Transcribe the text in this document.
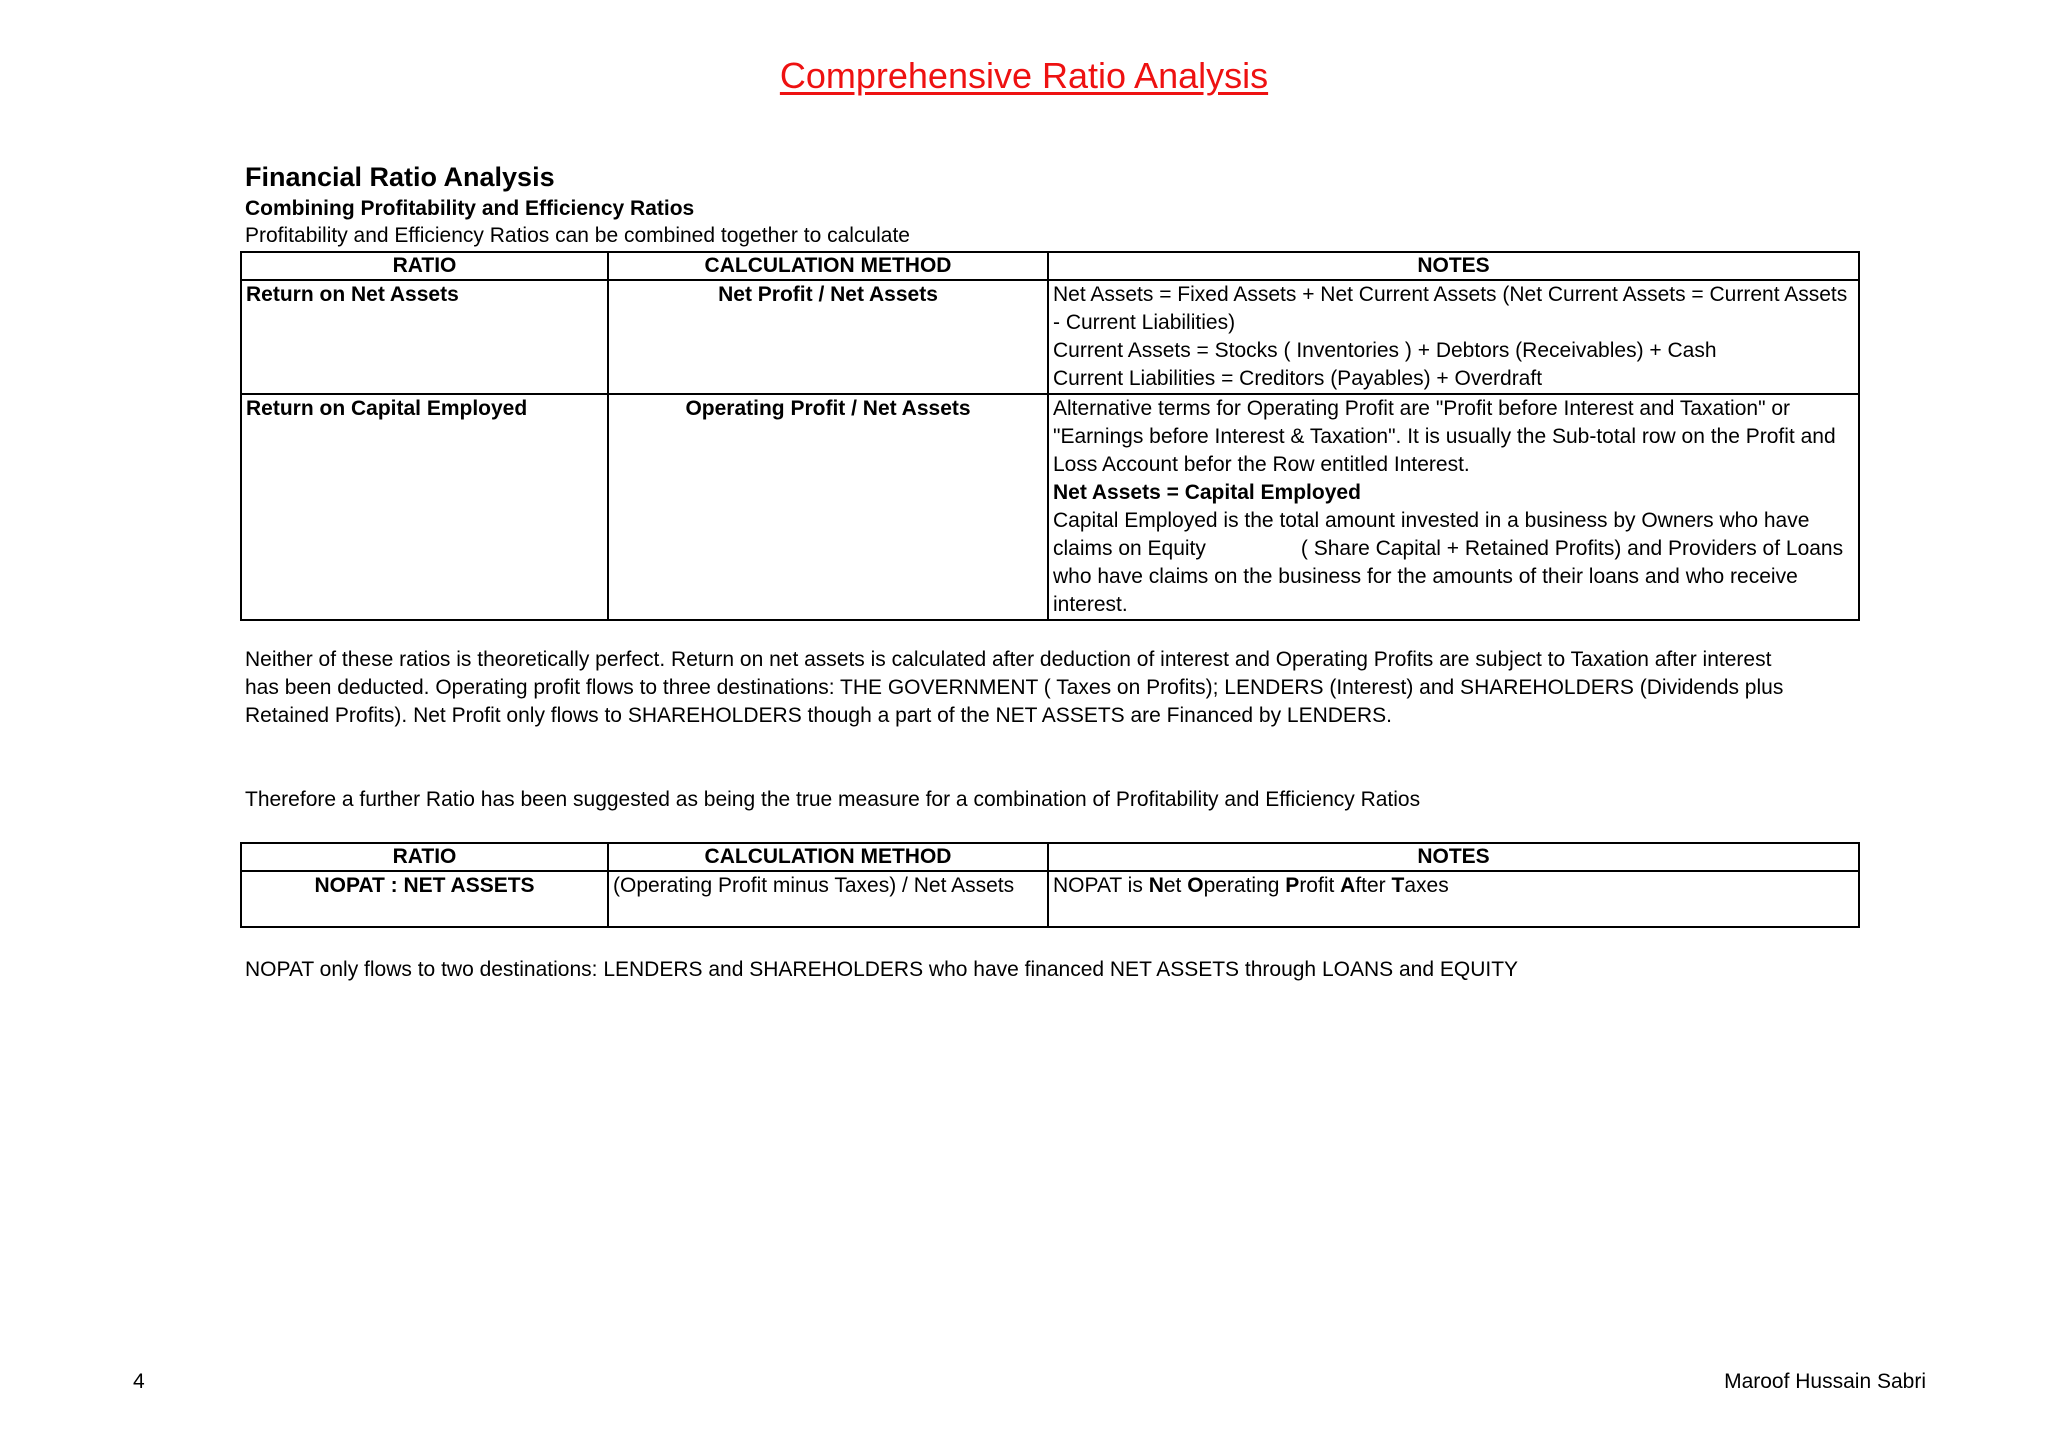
Comprehensive Ratio Analysis
Financial Ratio Analysis
Combining Profitability and Efficiency Ratios
Profitability and Efficiency Ratios can be combined together to calculate
RATIO	CALCULATION METHOD	NOTES
Return on Net Assets	Net Profit / Net Assets	Net Assets = Fixed Assets + Net Current Assets (Net Current Assets = Current Assets - Current Liabilities)
Current Assets = Stocks ( Inventories ) + Debtors (Receivables) + Cash
Current Liabilities = Creditors (Payables) + Overdraft

Return on Capital Employed	Operating Profit / Net Assets	Alternative terms for Operating Profit are "Profit before Interest and Taxation" or "Earnings before Interest & Taxation". It is usually the Sub-total row on the Profit and Loss Account befor the Row entitled Interest.
Net Assets = Capital Employed
Capital Employed is the total amount invested in a business by Owners who have claims on Equity ( Share Capital + Retained Profits) and Providers of Loans who have claims on the business for the amounts of their loans and who receive interest.
Neither of these ratios is theoretically perfect. Return on net assets is calculated after deduction of interest and Operating Profits are subject to Taxation after interest has been deducted. Operating profit flows to three destinations: THE GOVERNMENT ( Taxes on Profits); LENDERS (Interest) and SHAREHOLDERS (Dividends plus Retained Profits). Net Profit only flows to SHAREHOLDERS though a part of the NET ASSETS are Financed by LENDERS.
Therefore a further Ratio has been suggested as being the true measure for a combination of Profitability and Efficiency Ratios
RATIO	CALCULATION METHOD	NOTES
NOPAT : NET ASSETS	(Operating Profit minus Taxes) / Net Assets	NOPAT is Net Operating Profit After Taxes
NOPAT only flows to two destinations: LENDERS and SHAREHOLDERS who have financed NET ASSETS through LOANS and EQUITY
4	Maroof Hussain Sabri
